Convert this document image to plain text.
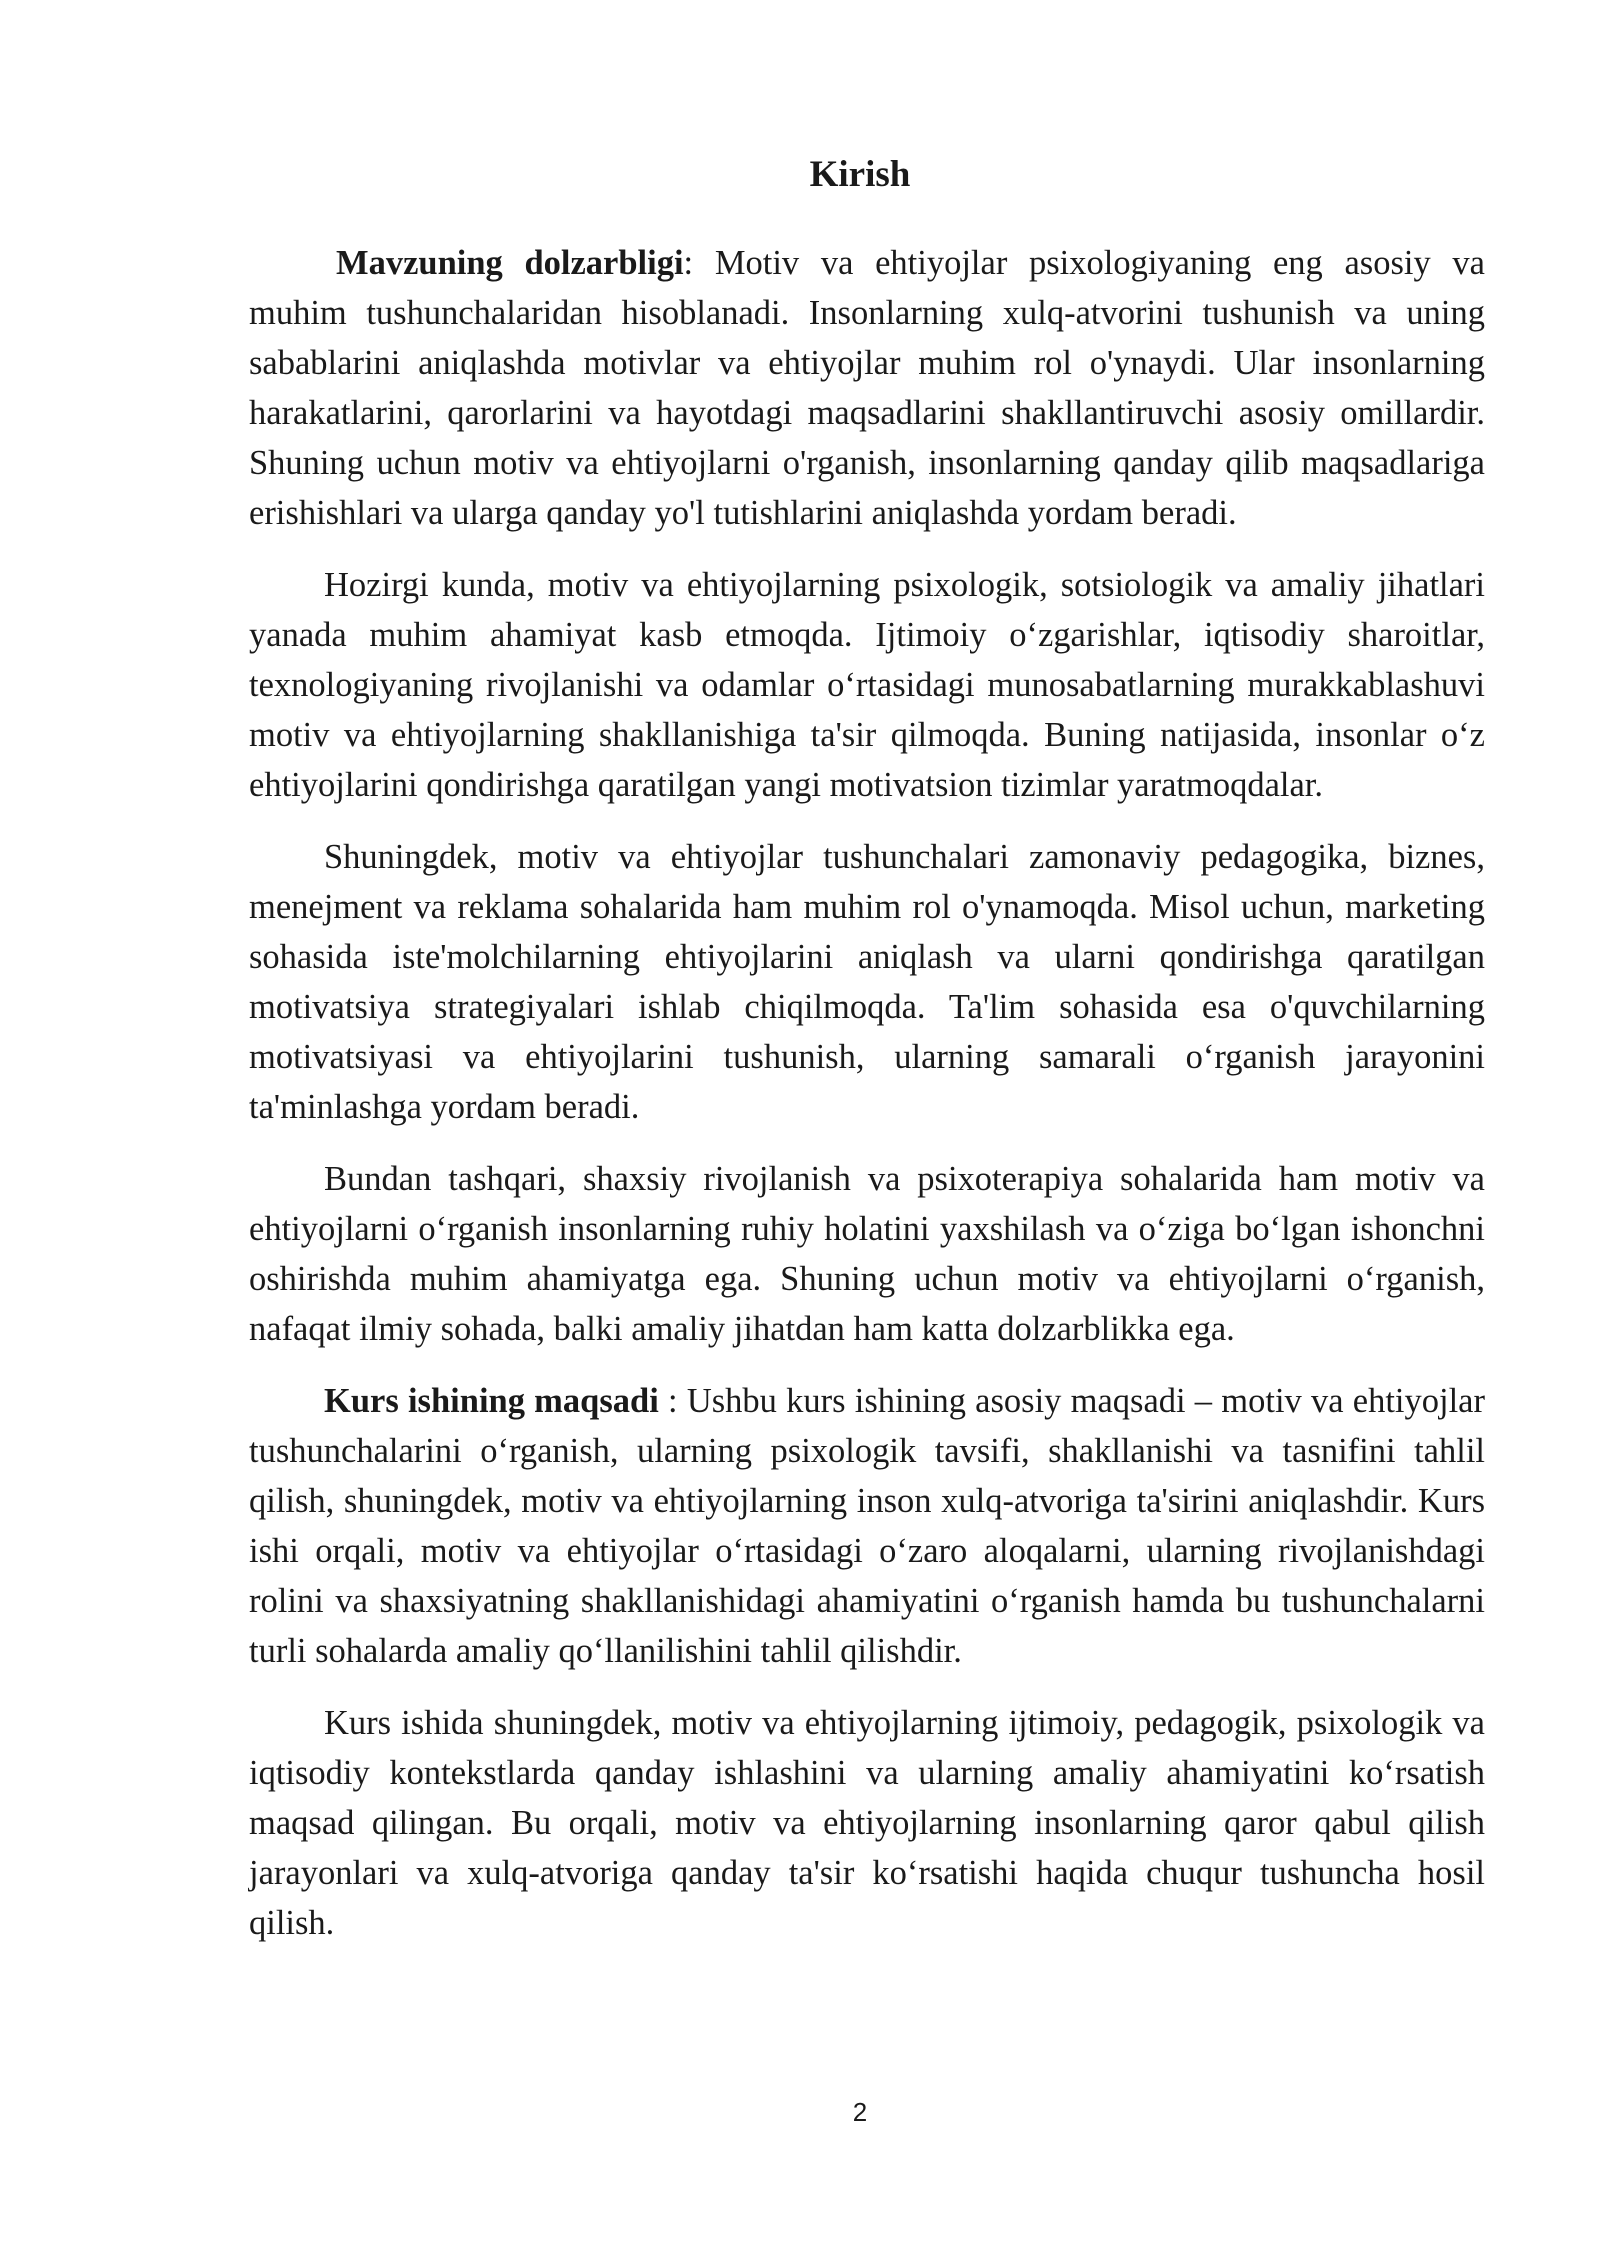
Kirish

Mavzuning dolzarbligi: Motiv va ehtiyojlar psixologiyaning eng asosiy va muhim tushunchalaridan hisoblanadi. Insonlarning xulq-atvorini tushunish va uning sabablarini aniqlashda motivlar va ehtiyojlar muhim rol o'ynaydi. Ular insonlarning harakatlarini, qarorlarini va hayotdagi maqsadlarini shakllantiruvchi asosiy omillardir. Shuning uchun motiv va ehtiyojlarni o'rganish, insonlarning qanday qilib maqsadlariga erishishlari va ularga qanday yo'l tutishlarini aniqlashda yordam beradi.

Hozirgi kunda, motiv va ehtiyojlarning psixologik, sotsiologik va amaliy jihatlari yanada muhim ahamiyat kasb etmoqda. Ijtimoiy o‘zgarishlar, iqtisodiy sharoitlar, texnologiyaning rivojlanishi va odamlar o‘rtasidagi munosabatlarning murakkablashuvi motiv va ehtiyojlarning shakllanishiga ta'sir qilmoqda. Buning natijasida, insonlar o‘z ehtiyojlarini qondirishga qaratilgan yangi motivatsion tizimlar yaratmoqdalar.

Shuningdek, motiv va ehtiyojlar tushunchalari zamonaviy pedagogika, biznes, menejment va reklama sohalarida ham muhim rol o'ynamoqda. Misol uchun, marketing sohasida iste'molchilarning ehtiyojlarini aniqlash va ularni qondirishga qaratilgan motivatsiya strategiyalari ishlab chiqilmoqda. Ta'lim sohasida esa o'quvchilarning motivatsiyasi va ehtiyojlarini tushunish, ularning samarali o‘rganish jarayonini ta'minlashga yordam beradi.

Bundan tashqari, shaxsiy rivojlanish va psixoterapiya sohalarida ham motiv va ehtiyojlarni o‘rganish insonlarning ruhiy holatini yaxshilash va o‘ziga bo‘lgan ishonchni oshirishda muhim ahamiyatga ega. Shuning uchun motiv va ehtiyojlarni o‘rganish, nafaqat ilmiy sohada, balki amaliy jihatdan ham katta dolzarblikka ega.

Kurs ishining maqsadi : Ushbu kurs ishining asosiy maqsadi – motiv va ehtiyojlar tushunchalarini o‘rganish, ularning psixologik tavsifi, shakllanishi va tasnifini tahlil qilish, shuningdek, motiv va ehtiyojlarning inson xulq-atvoriga ta'sirini aniqlashdir. Kurs ishi orqali, motiv va ehtiyojlar o‘rtasidagi o‘zaro aloqalarni, ularning rivojlanishdagi rolini va shaxsiyatning shakllanishidagi ahamiyatini o‘rganish hamda bu tushunchalarni turli sohalarda amaliy qo‘llanilishini tahlil qilishdir.

Kurs ishida shuningdek, motiv va ehtiyojlarning ijtimoiy, pedagogik, psixologik va iqtisodiy kontekstlarda qanday ishlashini va ularning amaliy ahamiyatini ko‘rsatish maqsad qilingan. Bu orqali, motiv va ehtiyojlarning insonlarning qaror qabul qilish jarayonlari va xulq-atvoriga qanday ta'sir ko‘rsatishi haqida chuqur tushuncha hosil qilish.

2
